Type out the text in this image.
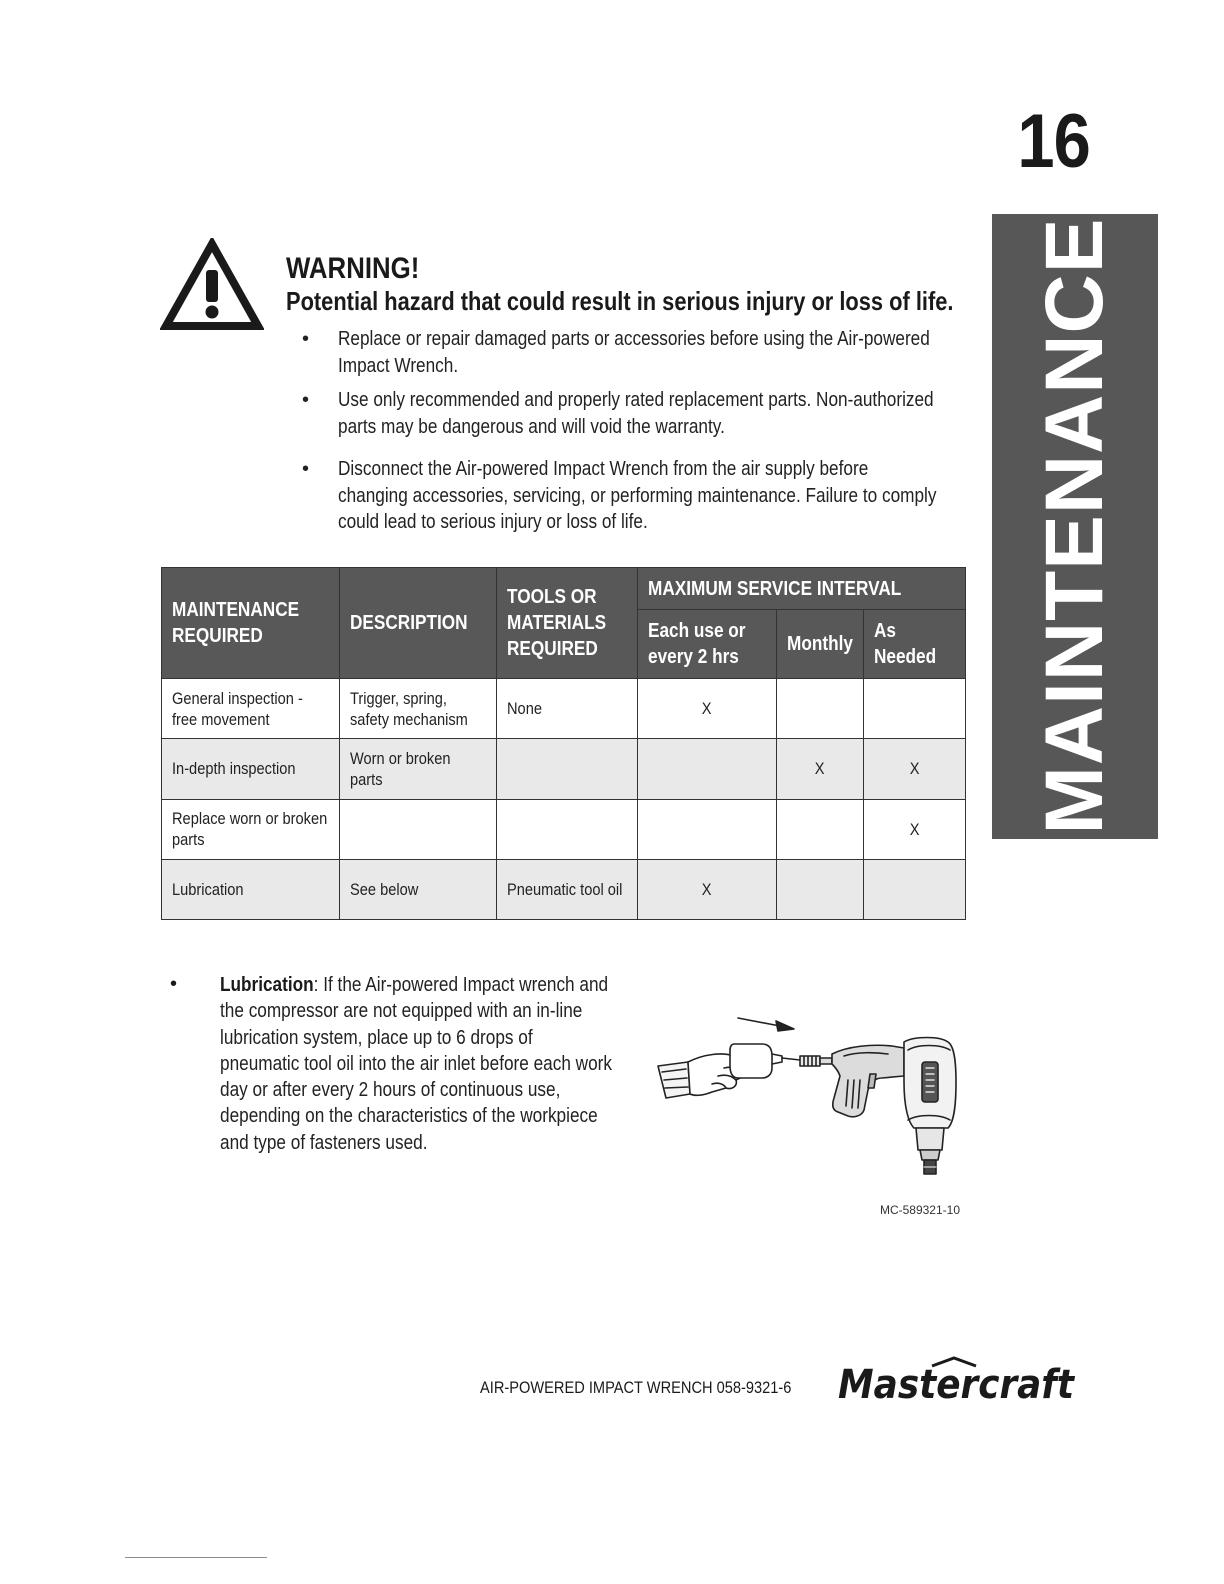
16
MAINTENANCE
WARNING!
Potential hazard that could result in serious injury or loss of life.
• Replace or repair damaged parts or accessories before using the Air-powered Impact Wrench.
• Use only recommended and properly rated replacement parts. Non-authorized parts may be dangerous and will void the warranty.
• Disconnect the Air-powered Impact Wrench from the air supply before changing accessories, servicing, or performing maintenance. Failure to comply could lead to serious injury or loss of life.
MAINTENANCE REQUIRED	DESCRIPTION	TOOLS OR MATERIALS REQUIRED	MAXIMUM SERVICE INTERVAL		
			Each use or every 2 hrs	Monthly	As Needed
General inspection - free movement	Trigger, spring, safety mechanism	None	X		
In-depth inspection	Worn or broken parts			X	X
Replace worn or broken parts					X
Lubrication	See below	Pneumatic tool oil	X		
• Lubrication: If the Air-powered Impact wrench and the compressor are not equipped with an in-line lubrication system, place up to 6 drops of pneumatic tool oil into the air inlet before each work day or after every 2 hours of continuous use, depending on the characteristics of the workpiece and type of fasteners used.
MC-589321-10
AIR-POWERED IMPACT WRENCH 058-9321-6 Mastercraft
